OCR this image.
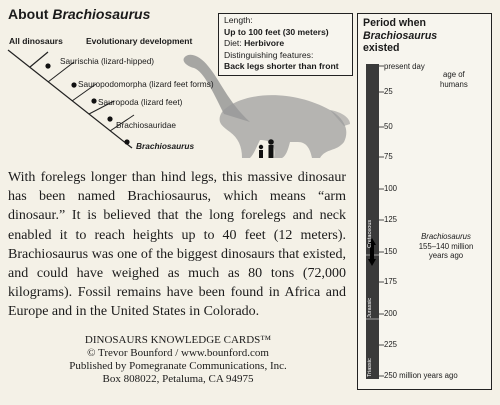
About Brachiosaurus	Length:
Up to 100 feet (30 meters)
Diet: Herbivore
Distinguishing features:
Back legs shorter than front
All dinosaurs	Evolutionary development
Saurischia (lizard-hipped)
Sauropodomorpha (lizard feet forms)
Sauropoda (lizard feet)
Brachiosauridae
Brachiosaurus
With forelegs longer than hind legs, this massive dinosaur has been named Brachiosaurus, which means “arm dinosaur.” It is believed that the long forelegs and neck enabled it to reach heights up to 40 feet (12 meters). Brachiosaurus was one of the biggest dinosaurs that existed, and could have weighed as much as 80 tons (72,000 kilograms). Fossil remains have been found in Africa and Europe and in the United States in Colorado.
DINOSAURS KNOWLEDGE CARDS™
© Trevor Bounford / www.bounford.com
Published by Pomegranate Communications, Inc.
Box 808022, Petaluma, CA 94975
Period when
Brachiosaurus
existed
present day
age of
humans
25
50
75
100
125
150
175
200
225
250 million years ago
Cretaceous
Jurassic
Triassic
Brachiosaurus
155–140 million
years ago
